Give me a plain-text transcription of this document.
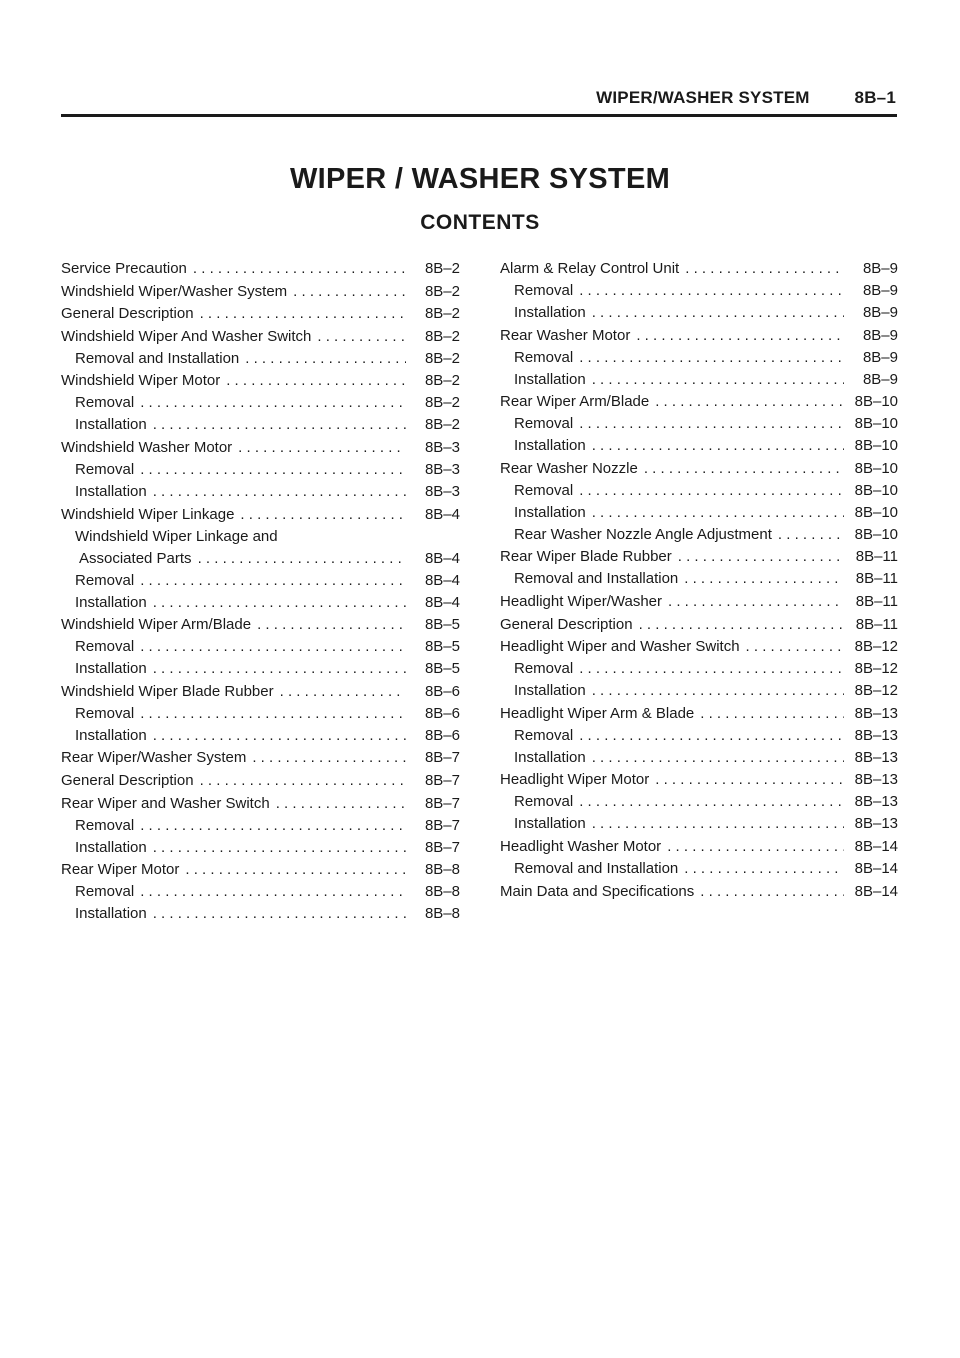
WIPER/WASHER SYSTEM	8B–1
WIPER / WASHER SYSTEM
CONTENTS
Service Precaution . . .	8B–2
Windshield Wiper/Washer System . . .	8B–2
General Description . . .	8B–2
Windshield Wiper And Washer Switch . . .	8B–2
Removal and Installation . . .	8B–2
Windshield Wiper Motor . . .	8B–2
Removal . . .	8B–2
Installation . . .	8B–2
Windshield Washer Motor . . .	8B–3
Removal . . .	8B–3
Installation . . .	8B–3
Windshield Wiper Linkage . . .	8B–4
Windshield Wiper Linkage and
Associated Parts . . .	8B–4
Removal . . .	8B–4
Installation . . .	8B–4
Windshield Wiper Arm/Blade . . .	8B–5
Removal . . .	8B–5
Installation . . .	8B–5
Windshield Wiper Blade Rubber . . .	8B–6
Removal . . .	8B–6
Installation . . .	8B–6
Rear Wiper/Washer System . . .	8B–7
General Description . . .	8B–7
Rear Wiper and Washer Switch . . .	8B–7
Removal . . .	8B–7
Installation . . .	8B–7
Rear Wiper Motor . . .	8B–8
Removal . . .	8B–8
Installation . . .	8B–8
Alarm & Relay Control Unit . . .	8B–9
Removal . . .	8B–9
Installation . . .	8B–9
Rear Washer Motor . . .	8B–9
Removal . . .	8B–9
Installation . . .	8B–9
Rear Wiper Arm/Blade . . .	8B–10
Removal . . .	8B–10
Installation . . .	8B–10
Rear Washer Nozzle . . .	8B–10
Removal . . .	8B–10
Installation . . .	8B–10
Rear Washer Nozzle Angle Adjustment . . .	8B–10
Rear Wiper Blade Rubber . . .	8B–11
Removal and Installation . . .	8B–11
Headlight Wiper/Washer . . .	8B–11
General Description . . .	8B–11
Headlight Wiper and Washer Switch . . .	8B–12
Removal . . .	8B–12
Installation . . .	8B–12
Headlight Wiper Arm & Blade . . .	8B–13
Removal . . .	8B–13
Installation . . .	8B–13
Headlight Wiper Motor . . .	8B–13
Removal . . .	8B–13
Installation . . .	8B–13
Headlight Washer Motor . . .	8B–14
Removal and Installation . . .	8B–14
Main Data and Specifications . . .	8B–14
